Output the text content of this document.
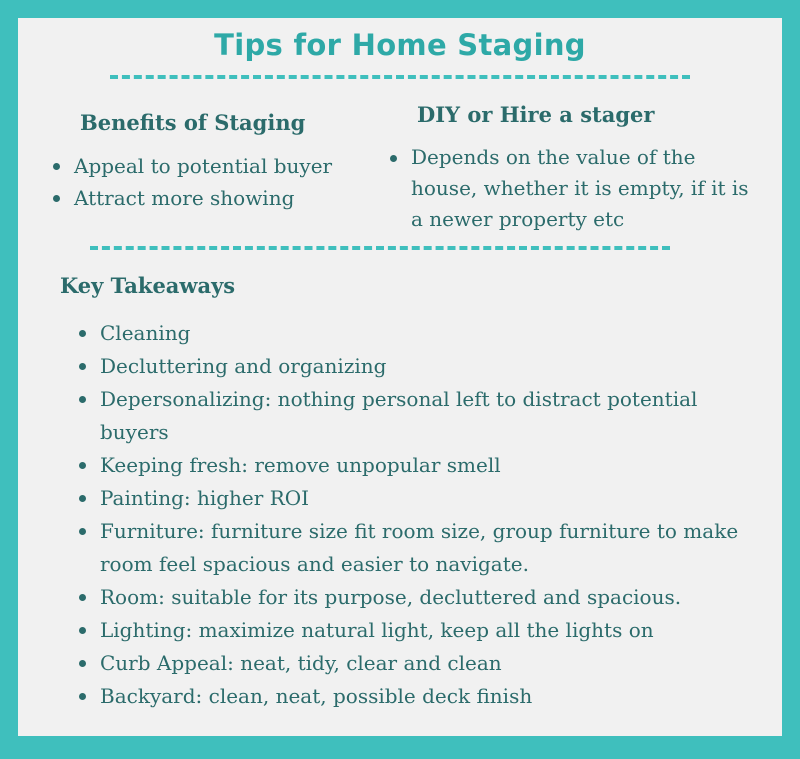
Tips for Home Staging
Benefits of Staging
Appeal to potential buyer
Attract more showing
DIY or Hire a stager
Depends on the value of the house, whether it is empty, if it is a newer property etc
Key Takeaways
Cleaning
Decluttering and organizing
Depersonalizing: nothing personal left to distract potential buyers
Keeping fresh: remove unpopular smell
Painting: higher ROI
Furniture: furniture size fit room size, group furniture to make room feel spacious and easier to navigate.
Room: suitable for its purpose, decluttered and spacious.
Lighting: maximize natural light, keep all the lights on
Curb Appeal: neat, tidy, clear and clean
Backyard: clean, neat, possible deck finish
